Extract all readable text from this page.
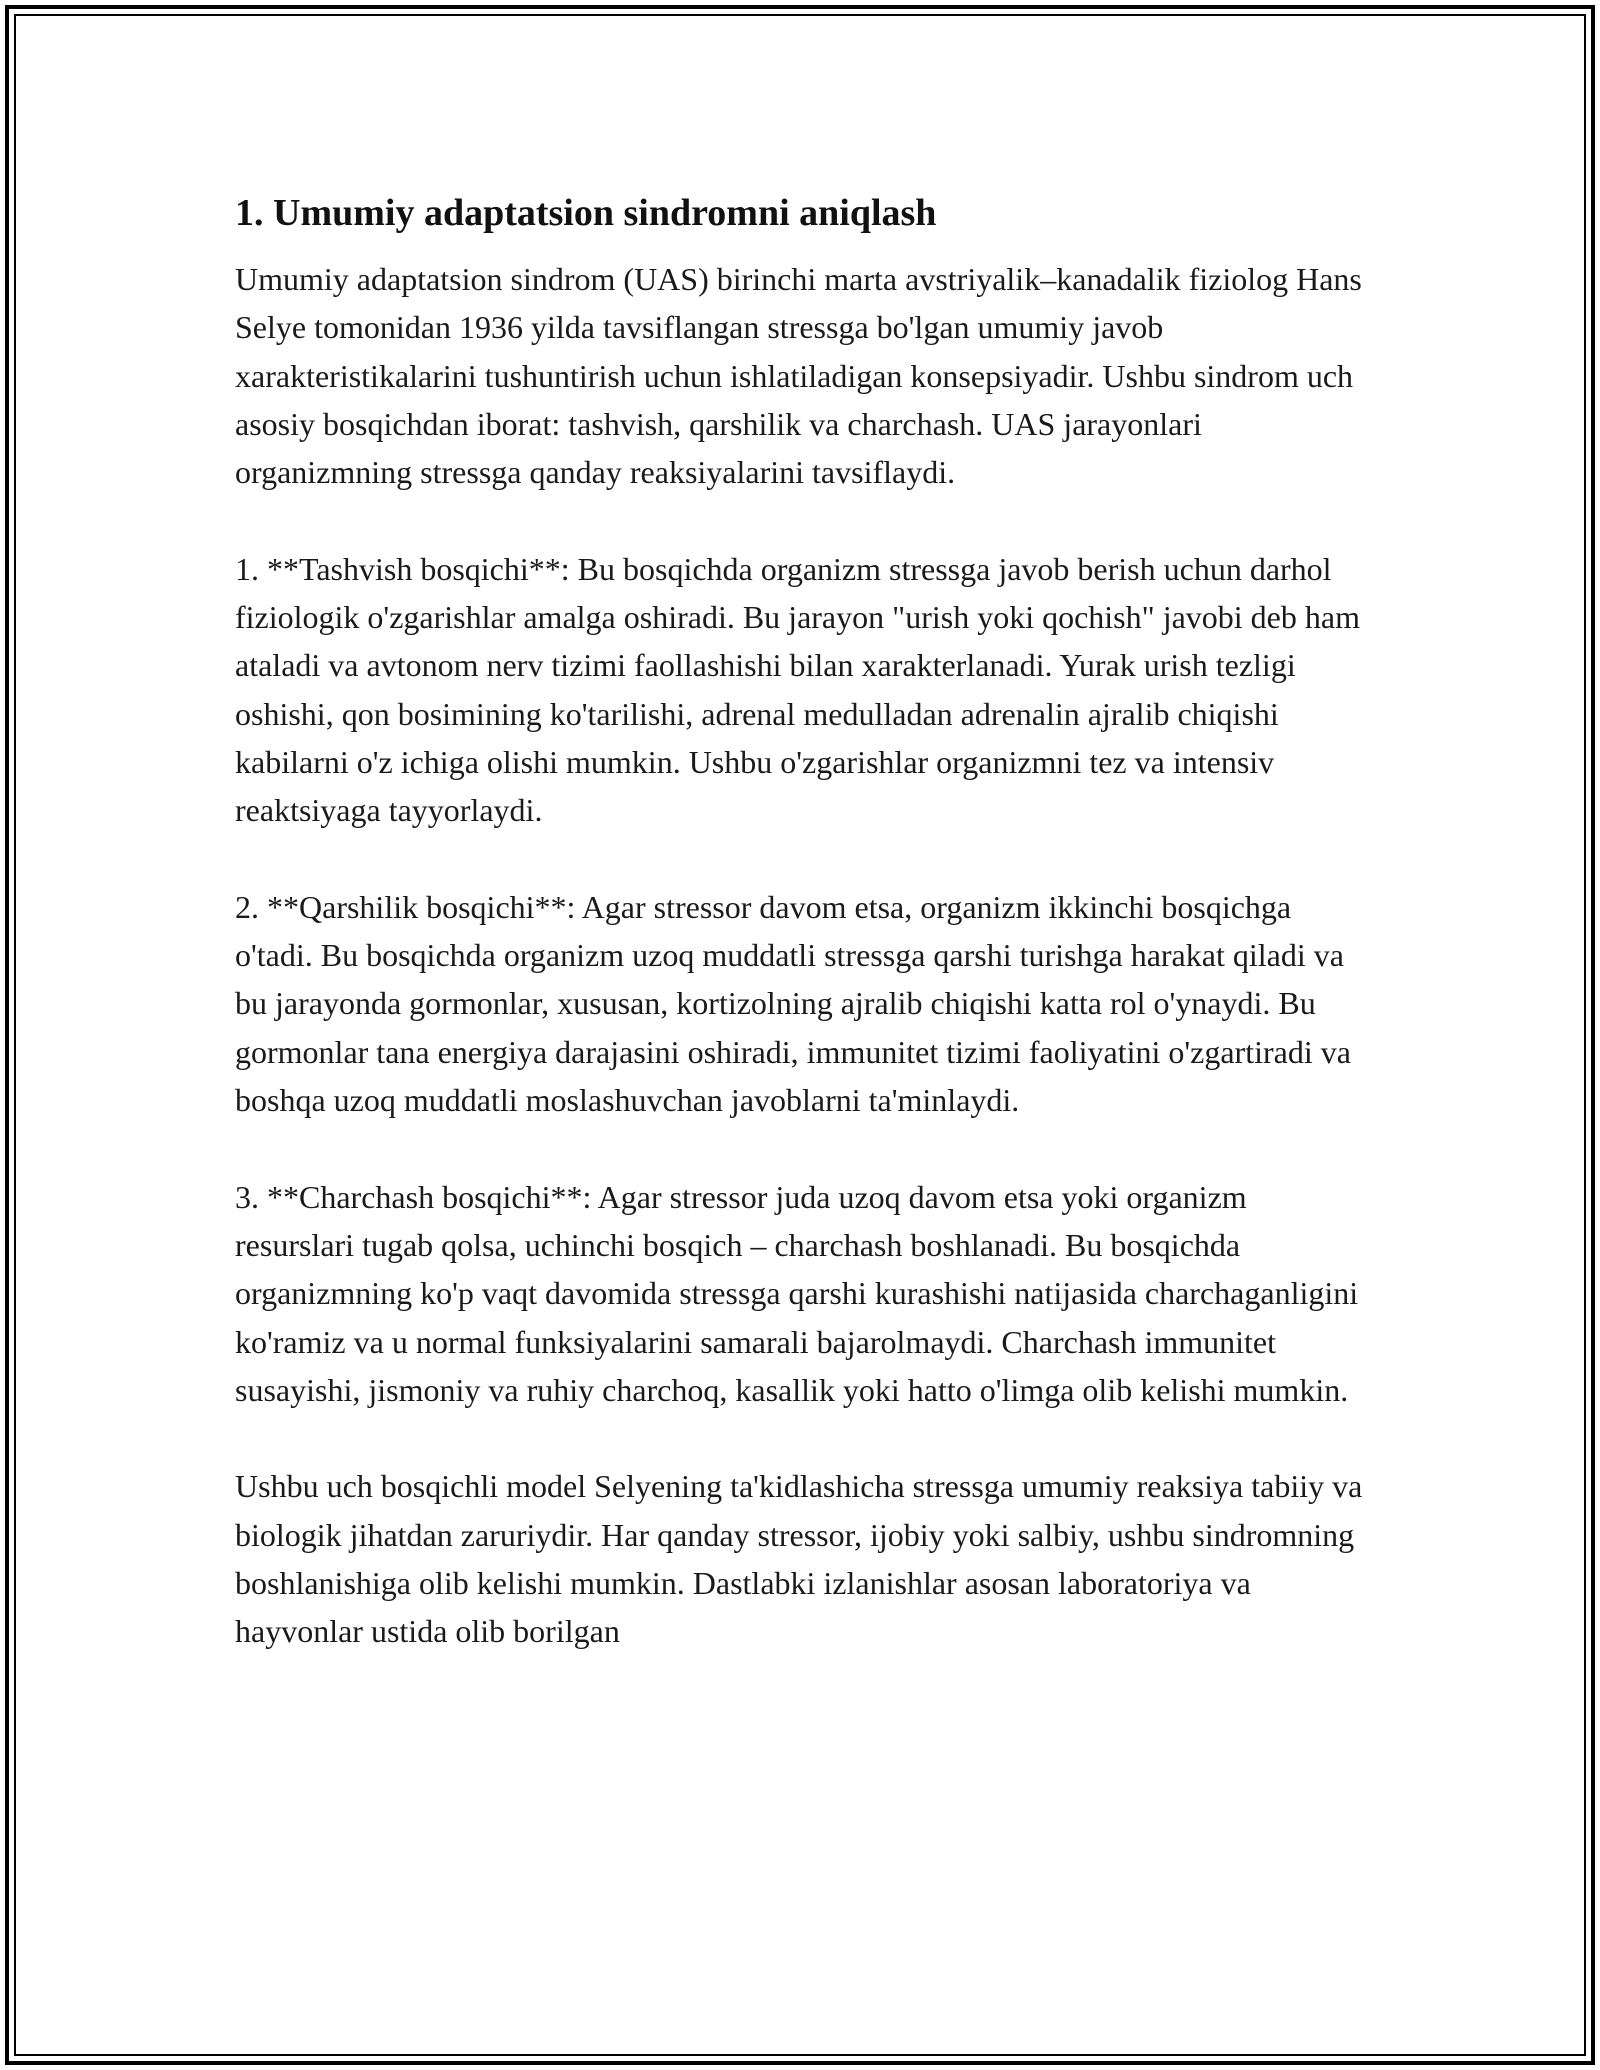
1. Umumiy adaptatsion sindromni aniqlash

Umumiy adaptatsion sindrom (UAS) birinchi marta avstriyalik–kanadalik fiziolog Hans Selye tomonidan 1936 yilda tavsiflangan stressga bo'lgan umumiy javob xarakteristikalarini tushuntirish uchun ishlatiladigan konsepsiyadir. Ushbu sindrom uch asosiy bosqichdan iborat: tashvish, qarshilik va charchash. UAS jarayonlari organizmning stressga qanday reaksiyalarini tavsiflaydi.

1. **Tashvish bosqichi**: Bu bosqichda organizm stressga javob berish uchun darhol fiziologik o'zgarishlar amalga oshiradi. Bu jarayon "urish yoki qochish" javobi deb ham ataladi va avtonom nerv tizimi faollashishi bilan xarakterlanadi. Yurak urish tezligi oshishi, qon bosimining ko'tarilishi, adrenal medulladan adrenalin ajralib chiqishi kabilarni o'z ichiga olishi mumkin. Ushbu o'zgarishlar organizmni tez va intensiv reaktsiyaga tayyorlaydi.

2. **Qarshilik bosqichi**: Agar stressor davom etsa, organizm ikkinchi bosqichga o'tadi. Bu bosqichda organizm uzoq muddatli stressga qarshi turishga harakat qiladi va bu jarayonda gormonlar, xususan, kortizolning ajralib chiqishi katta rol o'ynaydi. Bu gormonlar tana energiya darajasini oshiradi, immunitet tizimi faoliyatini o'zgartiradi va boshqa uzoq muddatli moslashuvchan javoblarni ta'minlaydi.

3. **Charchash bosqichi**: Agar stressor juda uzoq davom etsa yoki organizm resurslari tugab qolsa, uchinchi bosqich – charchash boshlanadi. Bu bosqichda organizmning ko'p vaqt davomida stressga qarshi kurashishi natijasida charchaganligini ko'ramiz va u normal funksiyalarini samarali bajarolmaydi. Charchash immunitet susayishi, jismoniy va ruhiy charchoq, kasallik yoki hatto o'limga olib kelishi mumkin.

Ushbu uch bosqichli model Selyening ta'kidlashicha stressga umumiy reaksiya tabiiy va biologik jihatdan zaruriydir. Har qanday stressor, ijobiy yoki salbiy, ushbu sindromning boshlanishiga olib kelishi mumkin. Dastlabki izlanishlar asosan laboratoriya va hayvonlar ustida olib borilgan
